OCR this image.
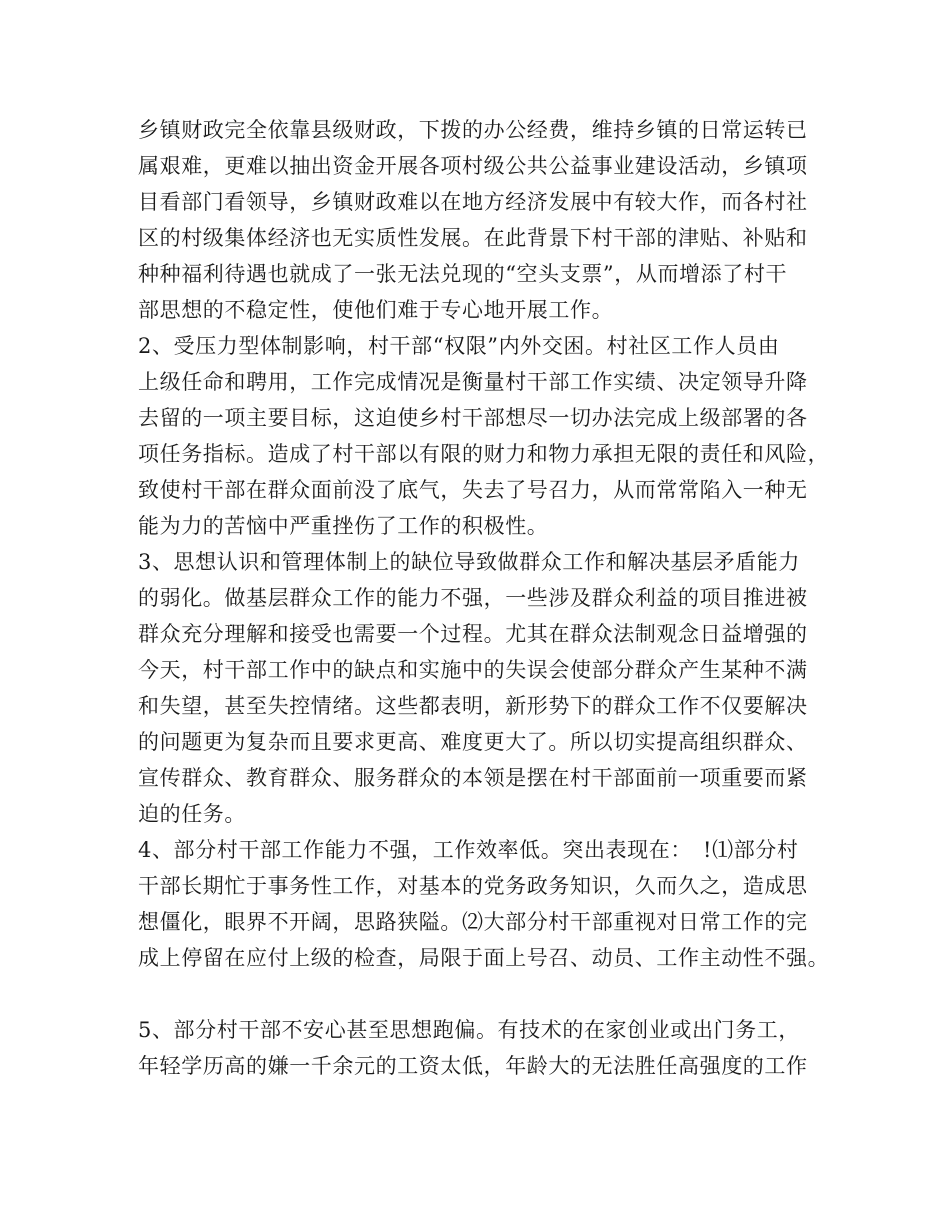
乡镇财政完全依靠县级财政，下拨的办公经费，维持乡镇的日常运转已
属艰难，更难以抽出资金开展各项村级公共公益事业建设活动，乡镇项
目看部门看领导，乡镇财政难以在地方经济发展中有较大作，而各村社
区的村级集体经济也无实质性发展。在此背景下村干部的津贴、补贴和
种种福利待遇也就成了一张无法兑现的“空头支票”，从而增添了村干
部思想的不稳定性，使他们难于专心地开展工作。
2、受压力型体制影响，村干部“权限”内外交困。村社区工作人员由
上级任命和聘用，工作完成情况是衡量村干部工作实绩、决定领导升降
去留的一项主要目标，这迫使乡村干部想尽一切办法完成上级部署的各
项任务指标。造成了村干部以有限的财力和物力承担无限的责任和风险，
致使村干部在群众面前没了底气，失去了号召力，从而常常陷入一种无
能为力的苦恼中严重挫伤了工作的积极性。
3、思想认识和管理体制上的缺位导致做群众工作和解决基层矛盾能力
的弱化。做基层群众工作的能力不强，一些涉及群众利益的项目推进被
群众充分理解和接受也需要一个过程。尤其在群众法制观念日益增强的
今天，村干部工作中的缺点和实施中的失误会使部分群众产生某种不满
和失望，甚至失控情绪。这些都表明，新形势下的群众工作不仅要解决
的问题更为复杂而且要求更高、难度更大了。所以切实提高组织群众、
宣传群众、教育群众、服务群众的本领是摆在村干部面前一项重要而紧
迫的任务。
4、部分村干部工作能力不强，工作效率低。突出表现在：　!⑴部分村
干部长期忙于事务性工作，对基本的党务政务知识，久而久之，造成思
想僵化，眼界不开阔，思路狭隘。⑵大部分村干部重视对日常工作的完
成上停留在应付上级的检查，局限于面上号召、动员、工作主动性不强。
5、部分村干部不安心甚至思想跑偏。有技术的在家创业或出门务工，
年轻学历高的嫌一千余元的工资太低，年龄大的无法胜任高强度的工作
